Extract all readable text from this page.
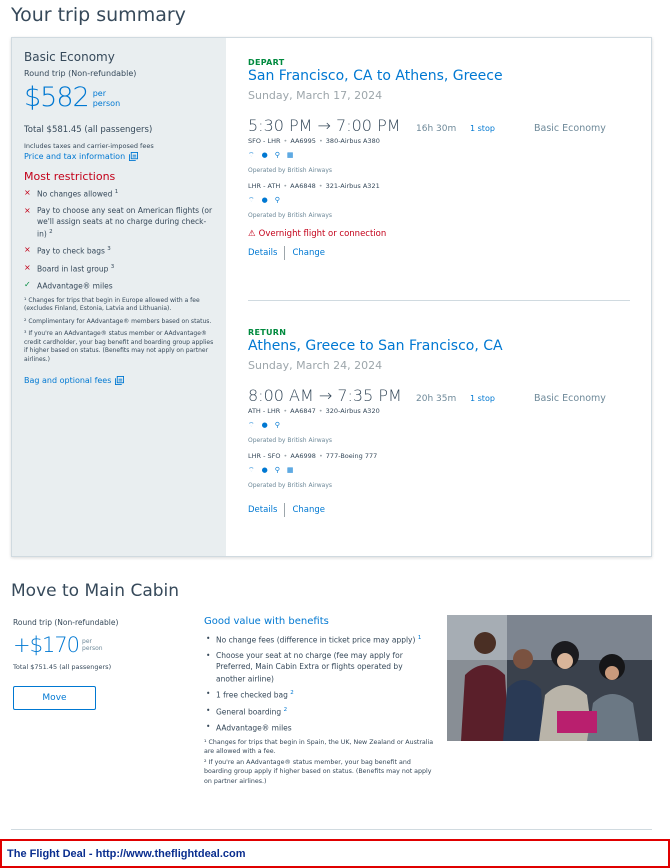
Your trip summary
Basic Economy
Round trip (Non-refundable)
$582 per
person
Total $581.45 (all passengers)
Includes taxes and carrier-imposed fees
Price and tax information
Most restrictions
× No changes allowed $^1$
× Pay to choose any seat on American flights (or we'll assign seats at no charge during check-in) $^2$
× Pay to check bags $^3$
× Board in last group $^3$
✓ AAdvantage® miles
¹ Changes for trips that begin in Europe allowed with a fee (excludes Finland, Estonia, Latvia and Lithuania).
² Complimentary for AAdvantage® members based on status.
³ If you're an AAdvantage® status member or AAdvantage® credit cardholder, your bag benefit and boarding group applies if higher based on status. (Benefits may not apply on partner airlines.)
Bag and optional fees
DEPART
San Francisco, CA to Athens, Greece
Sunday, March 17, 2024
5:30 PM → 7:00 PM	16h 30m	1 stop	Basic Economy
SFO - LHR • AA6995 • 380-Airbus A380
⌔ ● ⚲ ▦
Operated by British Airways
LHR - ATH • AA6848 • 321-Airbus A321
⌔ ● ⚲
Operated by British Airways
⚠ Overnight flight or connection
Details Change
RETURN
Athens, Greece to San Francisco, CA
Sunday, March 24, 2024
8:00 AM → 7:35 PM	20h 35m	1 stop	Basic Economy
ATH - LHR • AA6847 • 320-Airbus A320
⌔ ● ⚲
Operated by British Airways
LHR - SFO • AA6998 • 777-Boeing 777
⌔ ● ⚲ ▦
Operated by British Airways
Details Change
Move to Main Cabin
Round trip (Non-refundable)
+$170 per
person
Total $751.45 (all passengers)
Move
Good value with benefits
• No change fees (difference in ticket price may apply) $^1$
• Choose your seat at no charge (fee may apply for Preferred, Main Cabin Extra or flights operated by another airline)
• 1 free checked bag $^2$
• General boarding $^2$
• AAdvantage® miles
¹ Changes for trips that begin in Spain, the UK, New Zealand or Australia are allowed with a fee.
² If you're an AAdvantage® status member, your bag benefit and boarding group apply if higher based on status. (Benefits may not apply on partner airlines.)
The Flight Deal - http://www.theflightdeal.com
